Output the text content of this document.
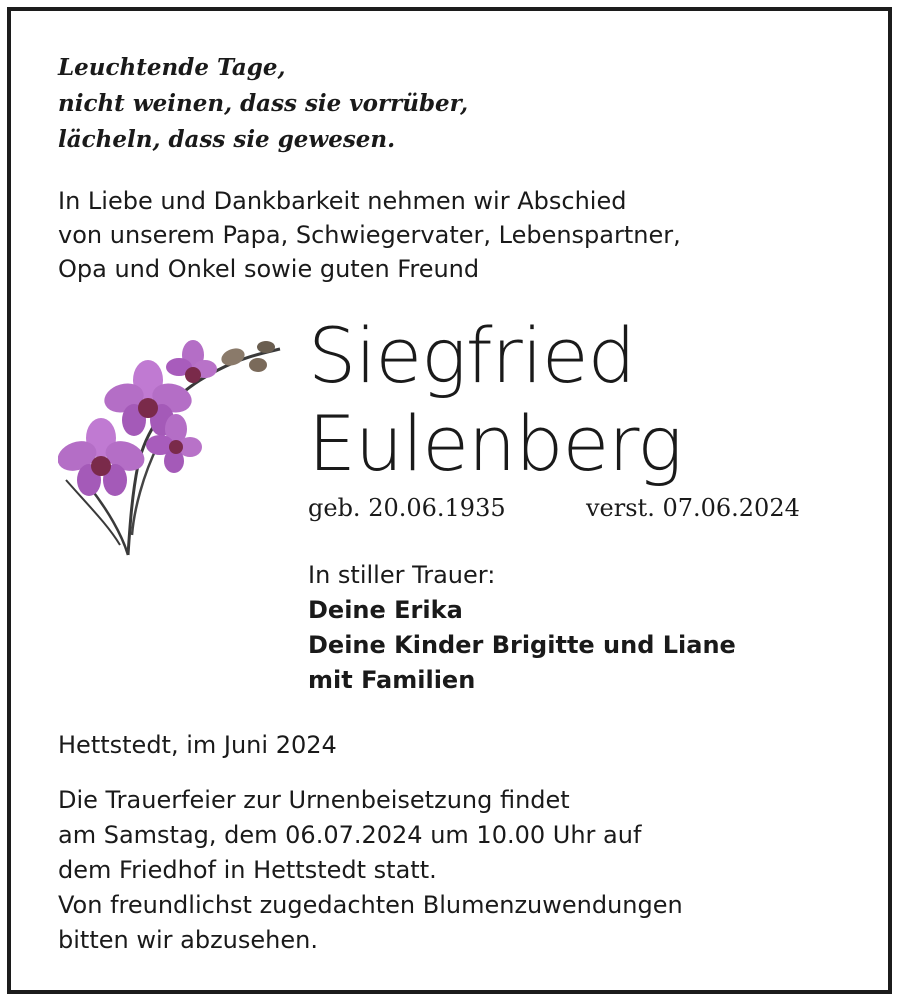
Leuchtende Tage,
nicht weinen, dass sie vorrüber,
lächeln, dass sie gewesen.
In Liebe und Dankbarkeit nehmen wir Abschied
von unserem Papa, Schwiegervater, Lebenspartner,
Opa und Onkel sowie guten Freund
Siegfried
Eulenberg
geb. 20.06.1935	verst. 07.06.2024
In stiller Trauer:
Deine Erika
Deine Kinder Brigitte und Liane
mit Familien
Hettstedt, im Juni 2024
Die Trauerfeier zur Urnenbeisetzung findet
am Samstag, dem 06.07.2024 um 10.00 Uhr auf
dem Friedhof in Hettstedt statt.
Von freundlichst zugedachten Blumenzuwendungen
bitten wir abzusehen.
